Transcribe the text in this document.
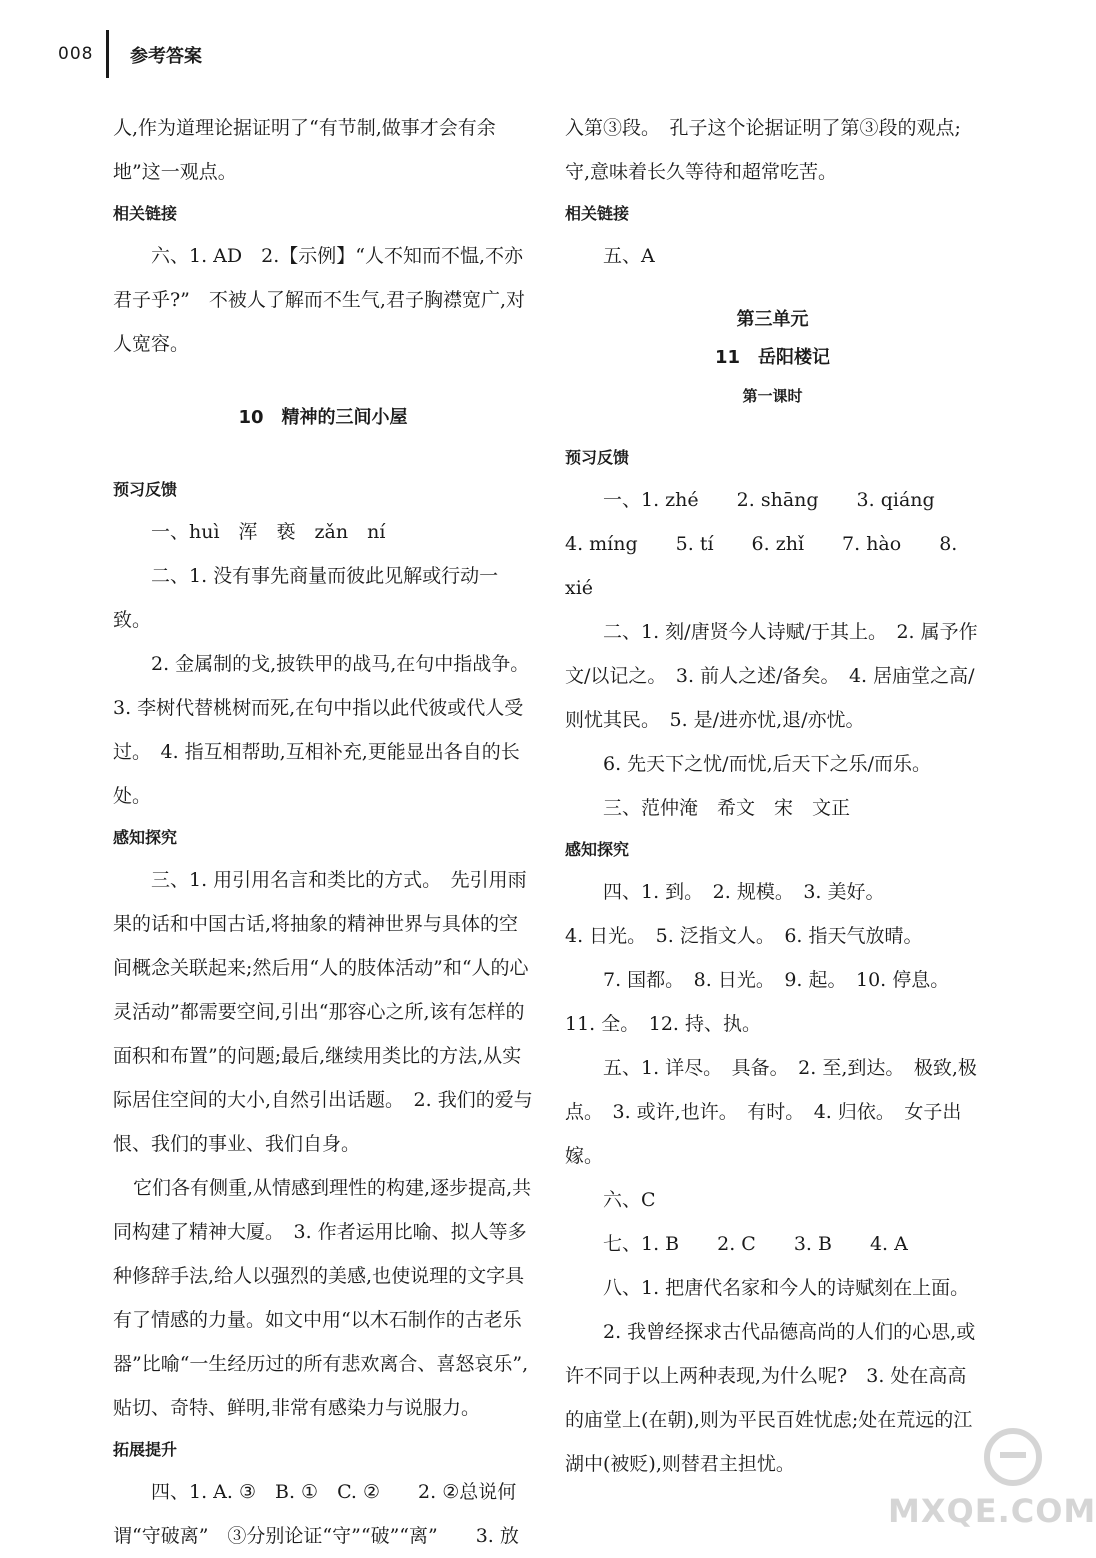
008 参考答案

人,作为道理论据证明了“有节制,做事才会有余地”这一观点。

相关链接

六、1. AD　2.【示例】“人不知而不愠,不亦君子乎?”　不被人了解而不生气,君子胸襟宽广,对人宽容。

10　精神的三间小屋

预习反馈

一、huì　浑　亵　zǎn　ní

二、1. 没有事先商量而彼此见解或行动一致。

2. 金属制的戈,披铁甲的战马,在句中指战争。　3. 李树代替桃树而死,在句中指以此代彼或代人受过。　4. 指互相帮助,互相补充,更能显出各自的长处。

感知探究

三、1. 用引用名言和类比的方式。　先引用雨果的话和中国古话,将抽象的精神世界与具体的空间概念关联起来;然后用“人的肢体活动”和“人的心灵活动”都需要空间,引出“那容心之所,该有怎样的面积和布置”的问题;最后,继续用类比的方法,从实际居住空间的大小,自然引出话题。　2. 我们的爱与恨、我们的事业、我们自身。

它们各有侧重,从情感到理性的构建,逐步提高,共同构建了精神大厦。　3. 作者运用比喻、拟人等多种修辞手法,给人以强烈的美感,也使说理的文字具有了情感的力量。如文中用“以木石制作的古老乐器”比喻“一生经历过的所有悲欢离合、喜怒哀乐”,贴切、奇特、鲜明,非常有感染力与说服力。

拓展提升

四、1. A. ③　B. ①　C. ②　　2. ②总说何谓“守破离”　③分别论证“守”“破”“离”　　3. 放

入第③段。　孔子这个论据证明了第③段的观点;守,意味着长久等待和超常吃苦。

相关链接

五、A

第三单元

11　岳阳楼记

第一课时

预习反馈

一、1. zhé　　2. shāng　　3. qiáng

4. míng　　5. tí　　6. zhǐ　　7. hào　　8. xié

二、1. 刻/唐贤今人诗赋/于其上。　2. 属予作文/以记之。　3. 前人之述/备矣。　4. 居庙堂之高/则忧其民。　5. 是/进亦忧,退/亦忧。

6. 先天下之忧/而忧,后天下之乐/而乐。

三、范仲淹　希文　宋　文正

感知探究

四、1. 到。　2. 规模。　3. 美好。

4. 日光。　5. 泛指文人。　6. 指天气放晴。

7. 国都。　8. 日光。　9. 起。　10. 停息。　11. 全。　12. 持、执。

五、1. 详尽。　具备。　2. 至,到达。　极致,极点。　3. 或许,也许。　有时。　4. 归依。　女子出嫁。

六、C

七、1. B　　2. C　　3. B　　4. A

八、1. 把唐代名家和今人的诗赋刻在上面。

2. 我曾经探求古代品德高尚的人们的心思,或许不同于以上两种表现,为什么呢?　3. 处在高高的庙堂上(在朝),则为平民百姓忧虑;处在荒远的江湖中(被贬),则替君主担忧。

MXQE.COM
